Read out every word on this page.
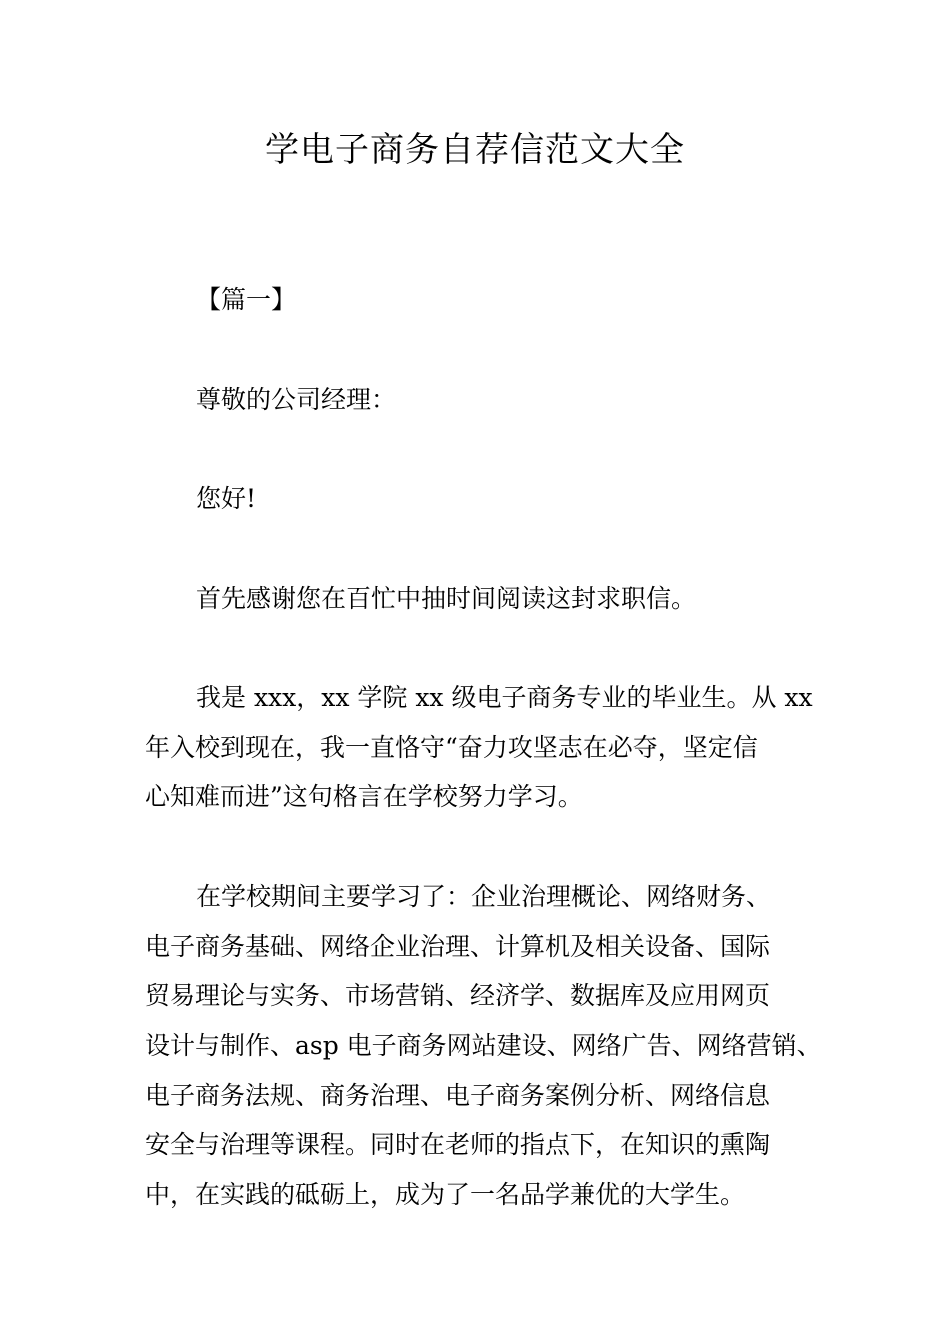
学电子商务自荐信范文大全
【篇一】
尊敬的公司经理：
您好!
首先感谢您在百忙中抽时间阅读这封求职信。
我是 xxx，xx 学院 xx 级电子商务专业的毕业生。从 xx
年入校到现在，我一直恪守“奋力攻坚志在必夺，坚定信
心知难而进”这句格言在学校努力学习。
在学校期间主要学习了：企业治理概论、网络财务、
电子商务基础、网络企业治理、计算机及相关设备、国际
贸易理论与实务、市场营销、经济学、数据库及应用网页
设计与制作、asp 电子商务网站建设、网络广告、网络营销、
电子商务法规、商务治理、电子商务案例分析、网络信息
安全与治理等课程。同时在老师的指点下，在知识的熏陶
中，在实践的砥砺上，成为了一名品学兼优的大学生。
